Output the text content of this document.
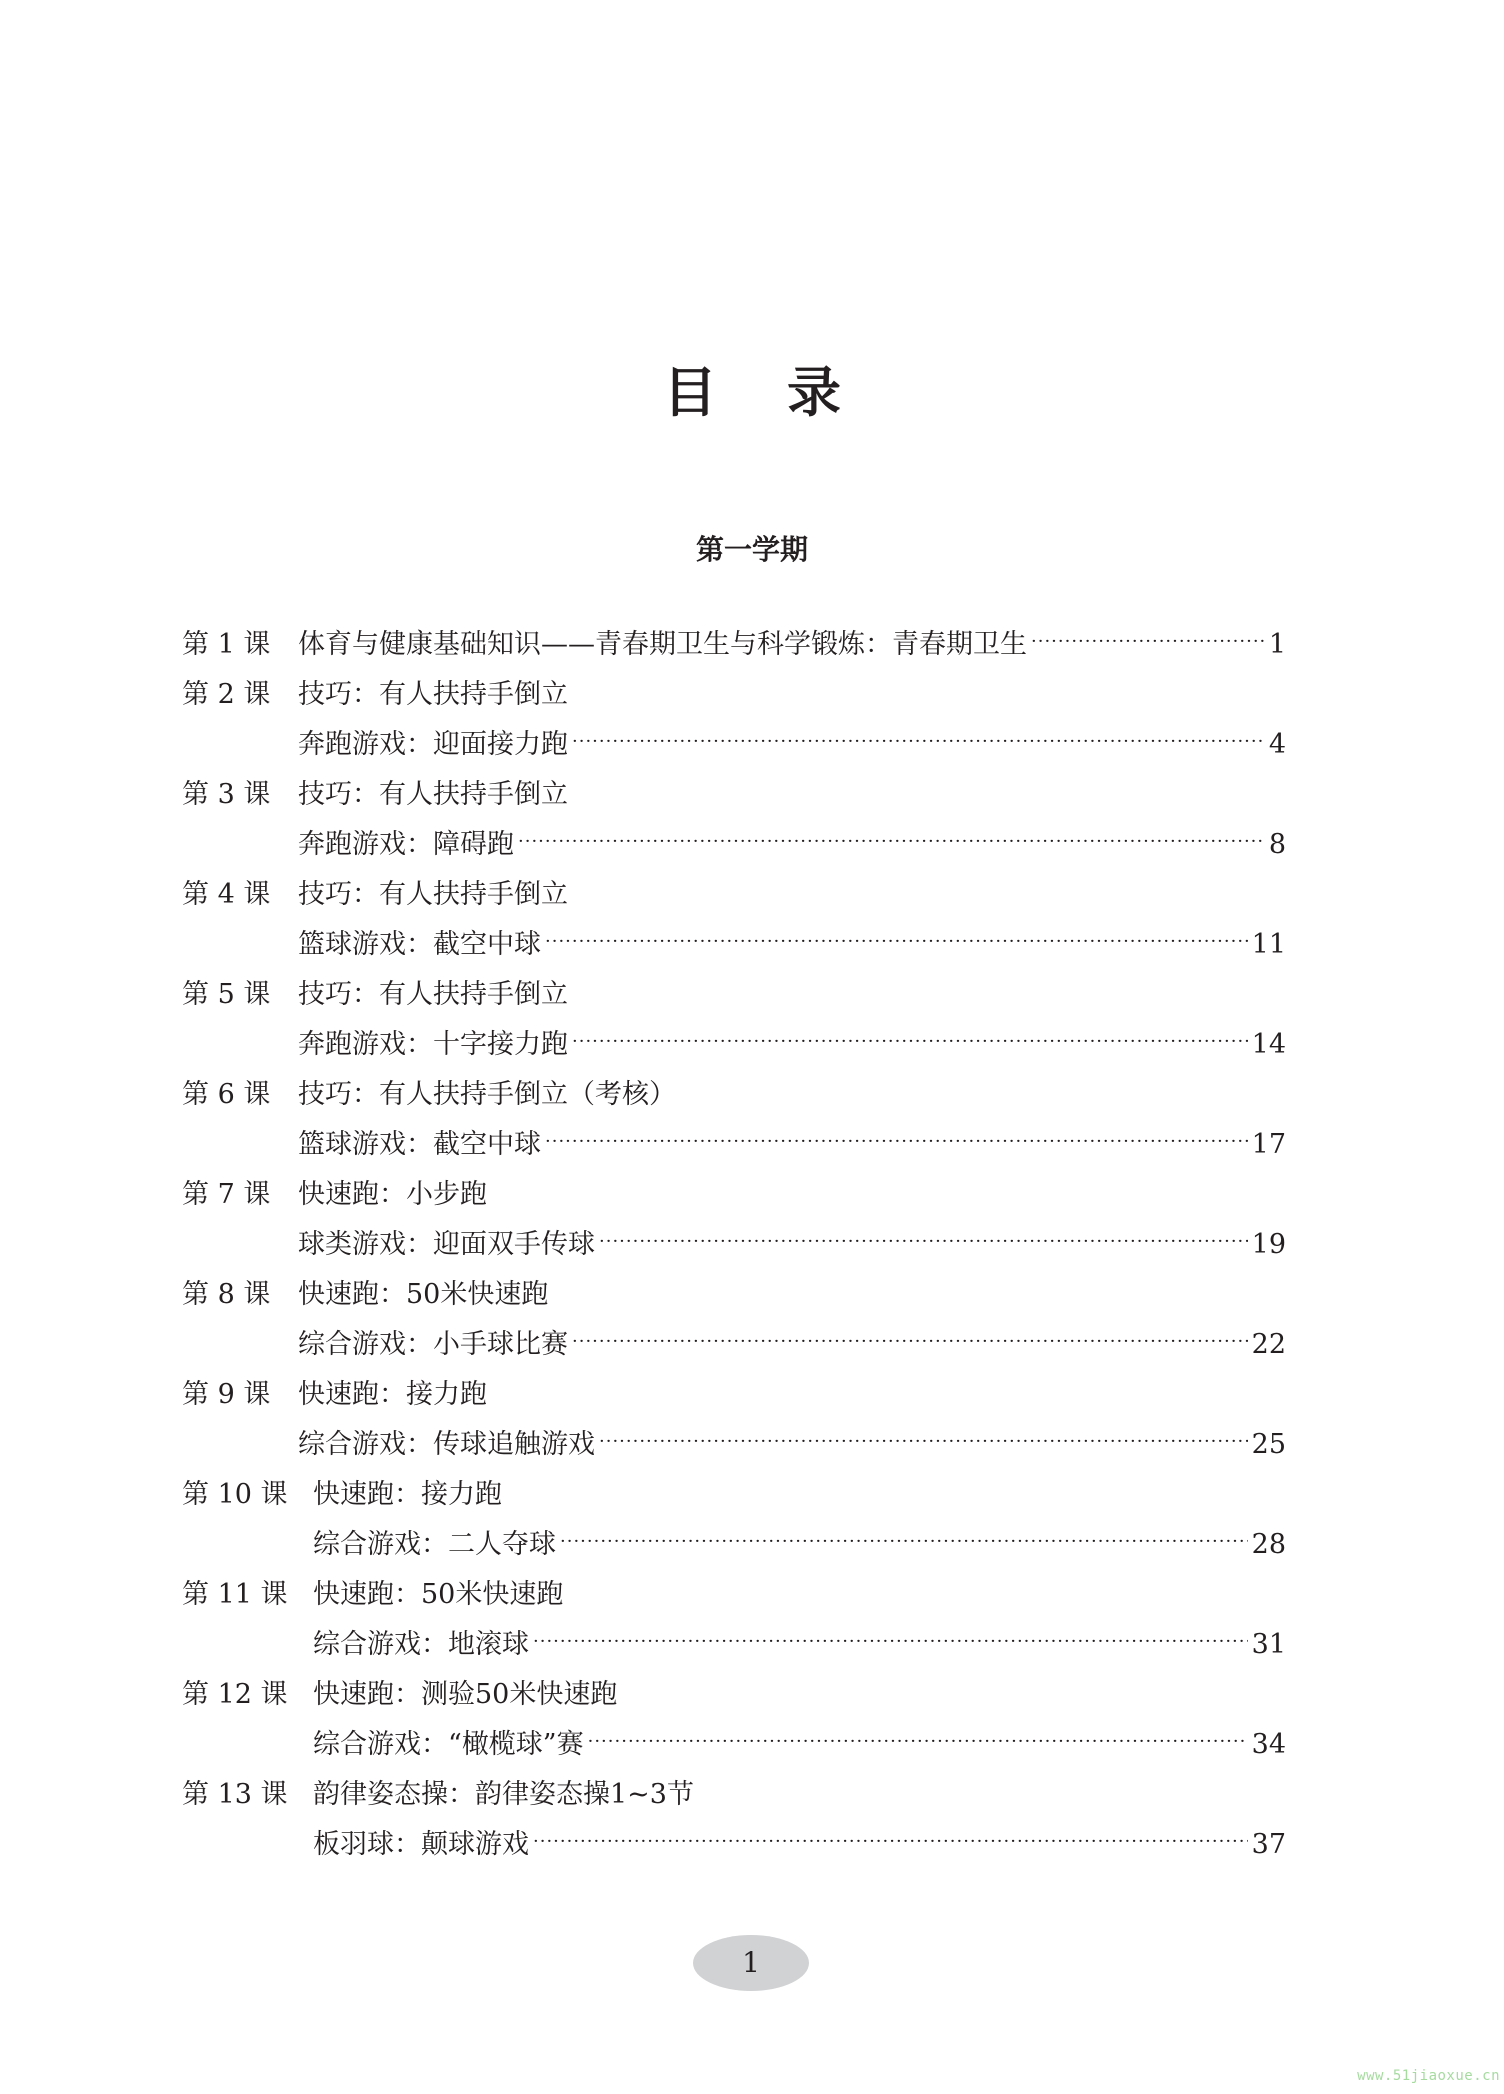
目 录
第一学期
第 1 课	体育与健康基础知识——青春期卫生与科学锻炼：青春期卫生 ·····	1
第 2 课	技巧：有人扶持手倒立
奔跑游戏：迎面接力跑 ·····	4
第 3 课	技巧：有人扶持手倒立
奔跑游戏：障碍跑 ·····	8
第 4 课	技巧：有人扶持手倒立
篮球游戏：截空中球 ·····	11
第 5 课	技巧：有人扶持手倒立
奔跑游戏：十字接力跑 ·····	14
第 6 课	技巧：有人扶持手倒立（考核）
篮球游戏：截空中球 ·····	17
第 7 课	快速跑：小步跑
球类游戏：迎面双手传球 ·····	19
第 8 课	快速跑：50米快速跑
综合游戏：小手球比赛 ·····	22
第 9 课	快速跑：接力跑
综合游戏：传球追触游戏 ·····	25
第 10 课 快速跑：接力跑
综合游戏：二人夺球 ·····	28
第 11 课 快速跑：50米快速跑
综合游戏：地滚球 ·····	31
第 12 课 快速跑：测验50米快速跑
综合游戏：“橄榄球”赛 ·····	34
第 13 课 韵律姿态操：韵律姿态操1~3节
板羽球：颠球游戏 ·····	37
1
www.51jiaoxue.cn
